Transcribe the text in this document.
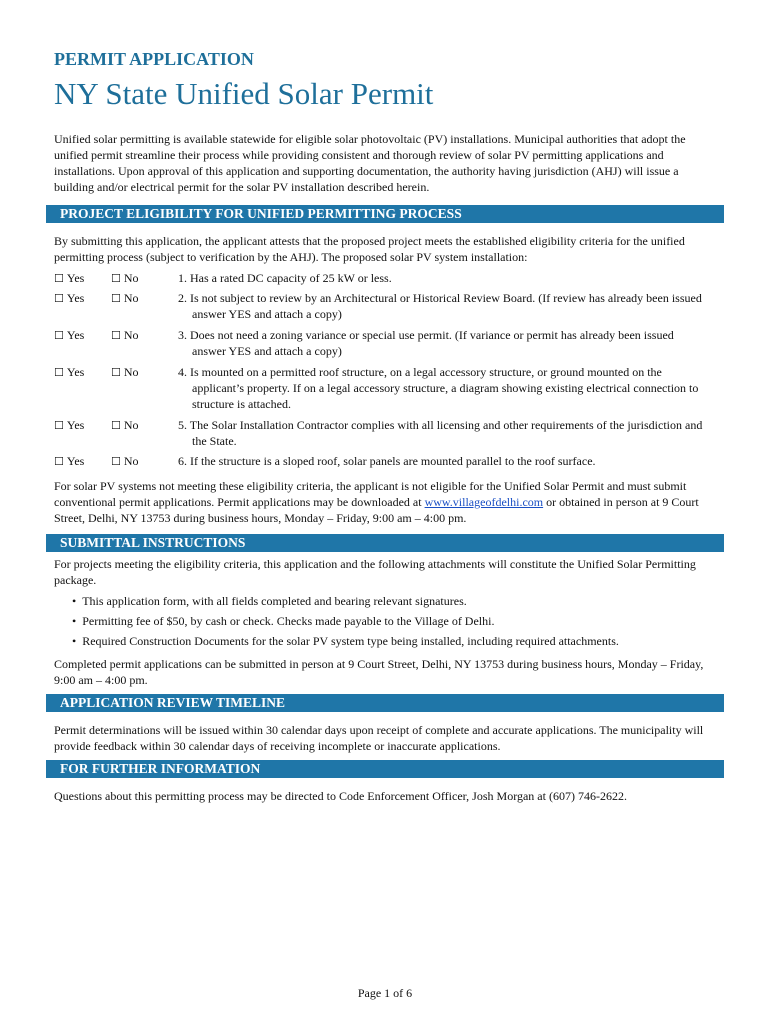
PERMIT APPLICATION
NY State Unified Solar Permit
Unified solar permitting is available statewide for eligible solar photovoltaic (PV) installations. Municipal authorities that adopt the unified permit streamline their process while providing consistent and thorough review of solar PV permitting applications and installations. Upon approval of this application and supporting documentation, the authority having jurisdiction (AHJ) will issue a building and/or electrical permit for the solar PV installation described herein.
PROJECT ELIGIBILITY FOR UNIFIED PERMITTING PROCESS
By submitting this application, the applicant attests that the proposed project meets the established eligibility criteria for the unified permitting process (subject to verification by the AHJ). The proposed solar PV system installation:
☐ Yes ☐ No	1. Has a rated DC capacity of 25 kW or less.
☐ Yes ☐ No	2. Is not subject to review by an Architectural or Historical Review Board. (If review has already been issued answer YES and attach a copy)
☐ Yes ☐ No	3. Does not need a zoning variance or special use permit. (If variance or permit has already been issued answer YES and attach a copy)
☐ Yes ☐ No	4. Is mounted on a permitted roof structure, on a legal accessory structure, or ground mounted on the applicant’s property. If on a legal accessory structure, a diagram showing existing electrical connection to structure is attached.
☐ Yes ☐ No	5. The Solar Installation Contractor complies with all licensing and other requirements of the jurisdiction and the State.
☐ Yes ☐ No	6. If the structure is a sloped roof, solar panels are mounted parallel to the roof surface.
For solar PV systems not meeting these eligibility criteria, the applicant is not eligible for the Unified Solar Permit and must submit conventional permit applications. Permit applications may be downloaded at www.villageofdelhi.com or obtained in person at 9 Court Street, Delhi, NY 13753 during business hours, Monday – Friday, 9:00 am – 4:00 pm.
SUBMITTAL INSTRUCTIONS
For projects meeting the eligibility criteria, this application and the following attachments will constitute the Unified Solar Permitting package.
• This application form, with all fields completed and bearing relevant signatures.
• Permitting fee of $50, by cash or check. Checks made payable to the Village of Delhi.
• Required Construction Documents for the solar PV system type being installed, including required attachments.
Completed permit applications can be submitted in person at 9 Court Street, Delhi, NY 13753 during business hours, Monday – Friday, 9:00 am – 4:00 pm.
APPLICATION REVIEW TIMELINE
Permit determinations will be issued within 30 calendar days upon receipt of complete and accurate applications. The municipality will provide feedback within 30 calendar days of receiving incomplete or inaccurate applications.
FOR FURTHER INFORMATION
Questions about this permitting process may be directed to Code Enforcement Officer, Josh Morgan at (607) 746-2622.
Page 1 of 6
